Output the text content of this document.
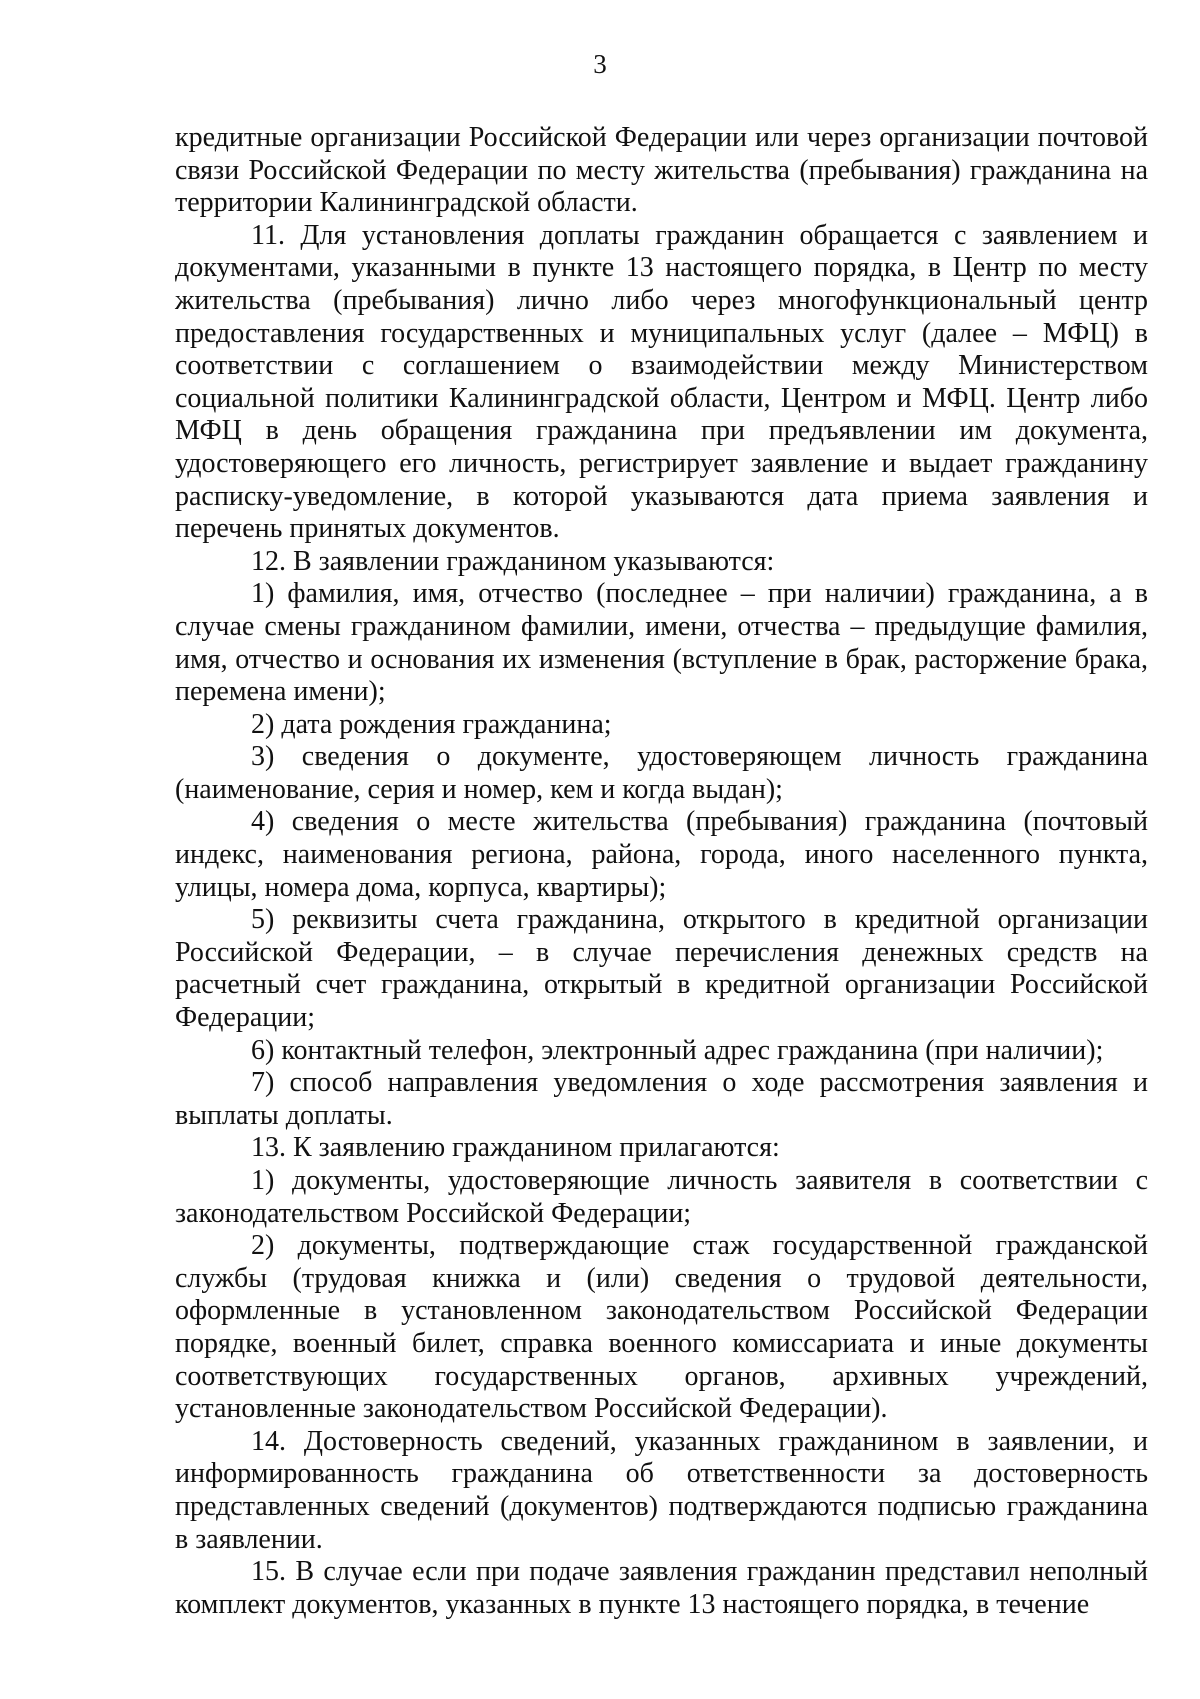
3

кредитные организации Российской Федерации или через организации почтовой связи Российской Федерации по месту жительства (пребывания) гражданина на территории Калининградской области.

11. Для установления доплаты гражданин обращается с заявлением и документами, указанными в пункте 13 настоящего порядка, в Центр по месту жительства (пребывания) лично либо через многофункциональный центр предоставления государственных и муниципальных услуг (далее – МФЦ) в соответствии с соглашением о взаимодействии между Министерством социальной политики Калининградской области, Центром и МФЦ. Центр либо МФЦ в день обращения гражданина при предъявлении им документа, удостоверяющего его личность, регистрирует заявление и выдает гражданину расписку-уведомление, в которой указываются дата приема заявления и перечень принятых документов.

12. В заявлении гражданином указываются:

1) фамилия, имя, отчество (последнее – при наличии) гражданина, а в случае смены гражданином фамилии, имени, отчества – предыдущие фамилия, имя, отчество и основания их изменения (вступление в брак, расторжение брака, перемена имени);

2) дата рождения гражданина;

3) сведения о документе, удостоверяющем личность гражданина (наименование, серия и номер, кем и когда выдан);

4) сведения о месте жительства (пребывания) гражданина (почтовый индекс, наименования региона, района, города, иного населенного пункта, улицы, номера дома, корпуса, квартиры);

5) реквизиты счета гражданина, открытого в кредитной организации Российской Федерации, – в случае перечисления денежных средств на расчетный счет гражданина, открытый в кредитной организации Российской Федерации;

6) контактный телефон, электронный адрес гражданина (при наличии);

7) способ направления уведомления о ходе рассмотрения заявления и выплаты доплаты.

13. К заявлению гражданином прилагаются:

1) документы, удостоверяющие личность заявителя в соответствии с законодательством Российской Федерации;

2) документы, подтверждающие стаж государственной гражданской службы (трудовая книжка и (или) сведения о трудовой деятельности, оформленные в установленном законодательством Российской Федерации порядке, военный билет, справка военного комиссариата и иные документы соответствующих государственных органов, архивных учреждений, установленные законодательством Российской Федерации).

14. Достоверность сведений, указанных гражданином в заявлении, и информированность гражданина об ответственности за достоверность представленных сведений (документов) подтверждаются подписью гражданина в заявлении.

15. В случае если при подаче заявления гражданин представил неполный комплект документов, указанных в пункте 13 настоящего порядка, в течение
